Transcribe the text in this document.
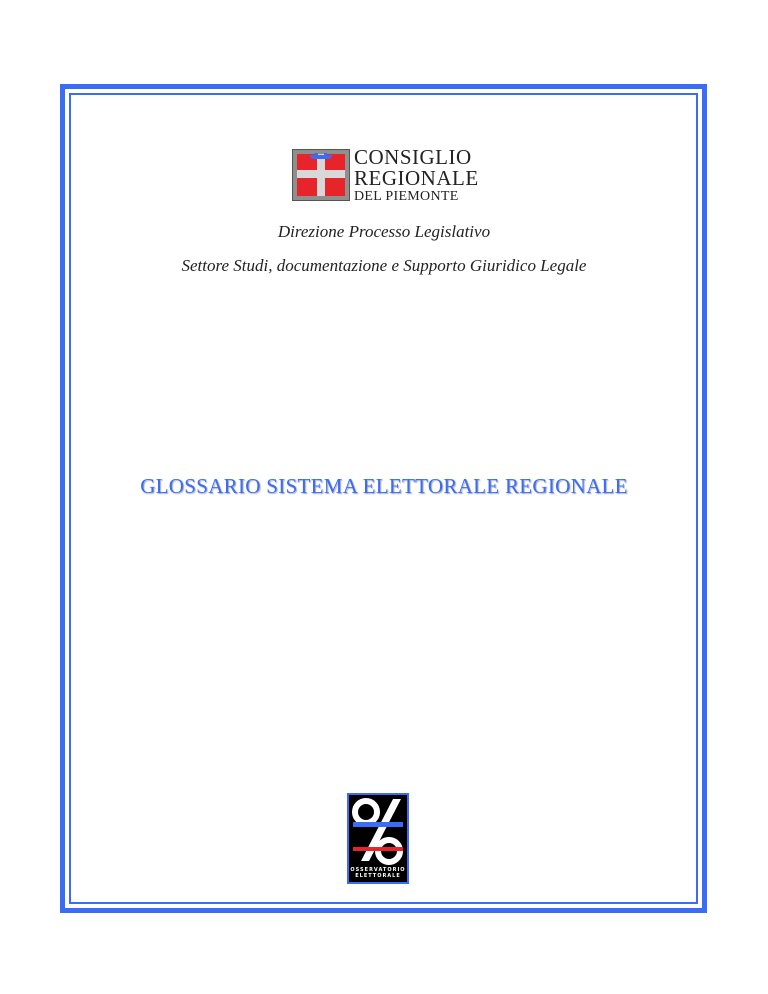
CONSIGLIO
REGIONALE
DEL PIEMONTE
Direzione Processo Legislativo
Settore Studi, documentazione e Supporto Giuridico Legale
GLOSSARIO SISTEMA ELETTORALE REGIONALE
OSSERVATORIO
ELETTORALE
